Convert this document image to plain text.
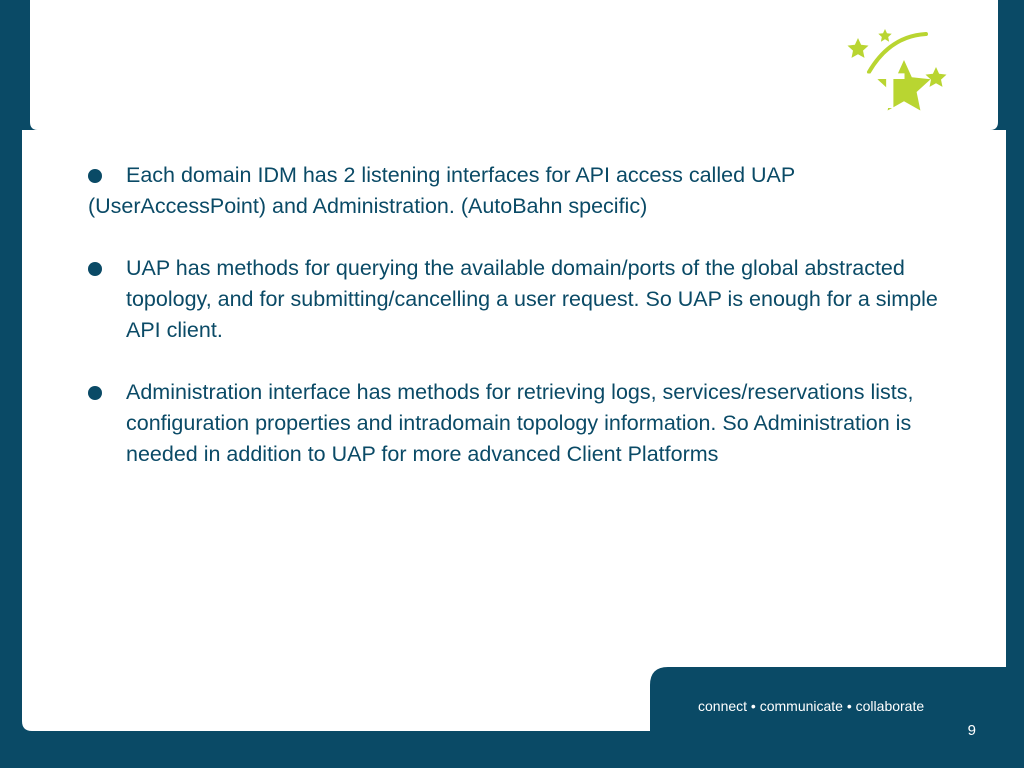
API details
GÉANT
Each domain IDM has 2 listening interfaces for API access called UAP (UserAccessPoint) and Administration. (AutoBahn specific)
UAP has methods for querying the available domain/ports of the global abstracted topology, and for submitting/cancelling a user request. So UAP is enough for a simple API client.
Administration interface has methods for retrieving logs, services/reservations lists, configuration properties and intradomain topology information. So Administration is needed in addition to UAP for more advanced Client Platforms
connect • communicate • collaborate
9
